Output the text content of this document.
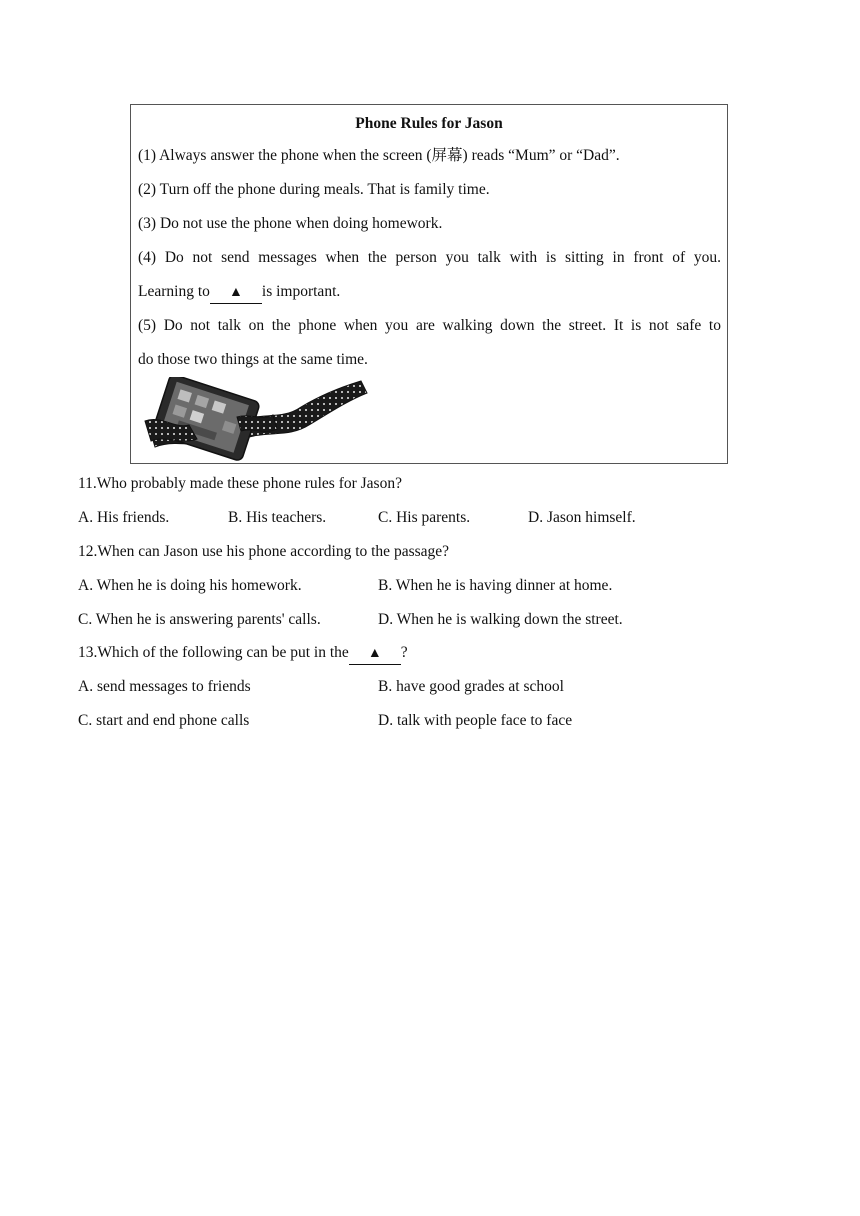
Phone Rules for Jason
(1) Always answer the phone when the screen (屏幕) reads “Mum” or “Dad”.
(2) Turn off the phone during meals. That is family time.
(3) Do not use the phone when doing homework.
(4) Do not send messages when the person you talk with is sitting in front of you.
Learning to ▲ is important.
(5) Do not talk on the phone when you are walking down the street. It is not safe to
do those two things at the same time.
11.Who probably made these phone rules for Jason?
A. His friends.	B. His teachers.	C. His parents.	D. Jason himself.
12.When can Jason use his phone according to the passage?
A. When he is doing his homework.	B. When he is having dinner at home.
C. When he is answering parents' calls.	D. When he is walking down the street.
13.Which of the following can be put in the ▲ ?
A. send messages to friends	B. have good grades at school
C. start and end phone calls	D. talk with people face to face
